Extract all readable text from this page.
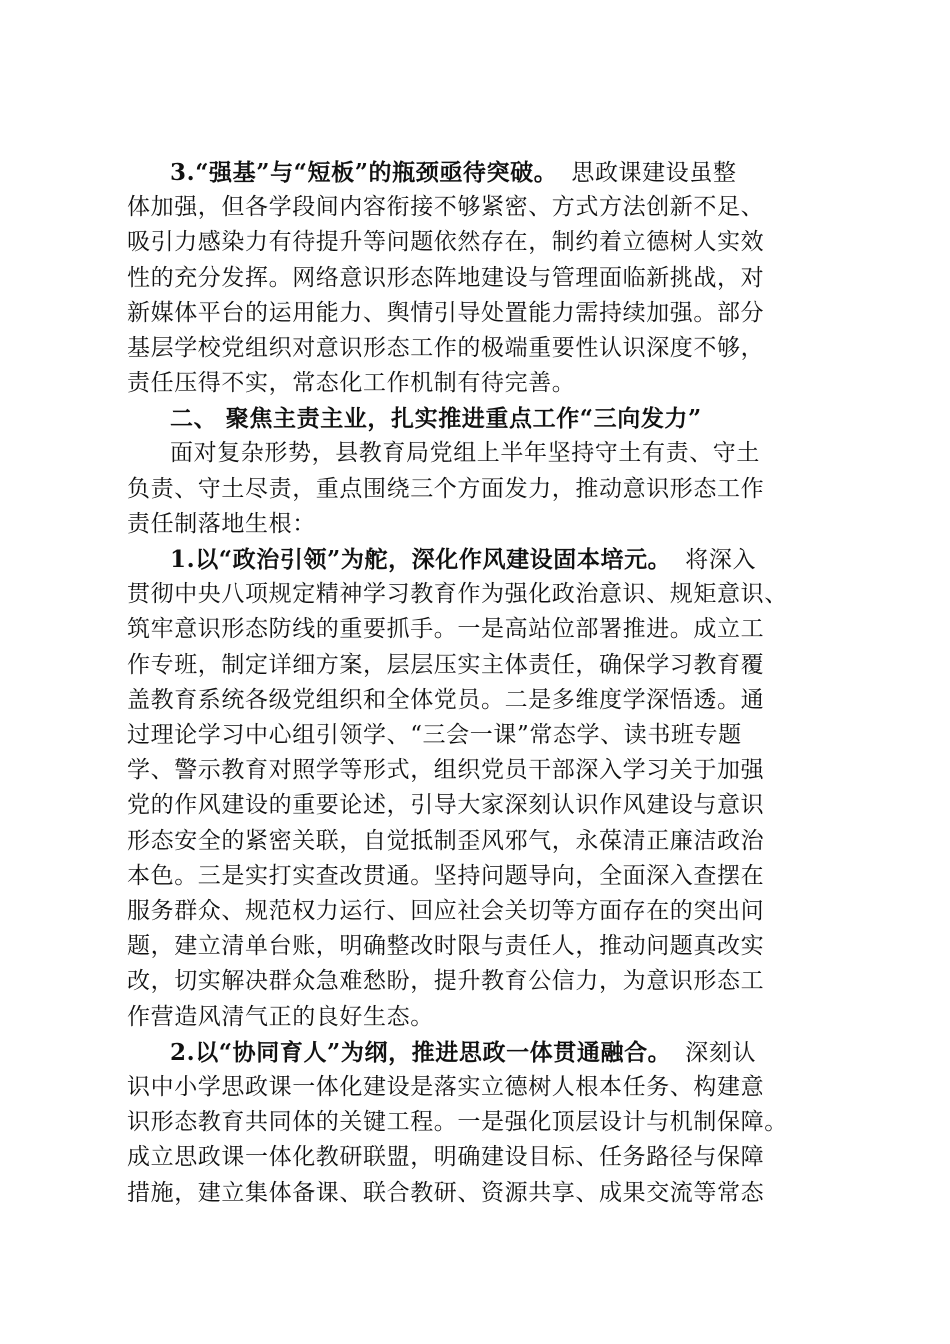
3.“强基”与“短板”的瓶颈亟待突破。 思政课建设虽整
体加强，但各学段间内容衔接不够紧密、方式方法创新不足、
吸引力感染力有待提升等问题依然存在，制约着立德树人实效
性的充分发挥。网络意识形态阵地建设与管理面临新挑战，对
新媒体平台的运用能力、舆情引导处置能力需持续加强。部分
基层学校党组织对意识形态工作的极端重要性认识深度不够，
责任压得不实，常态化工作机制有待完善。
二、 聚焦主责主业，扎实推进重点工作“三向发力”
面对复杂形势，县教育局党组上半年坚持守土有责、守土
负责、守土尽责，重点围绕三个方面发力，推动意识形态工作
责任制落地生根：
1.以“政治引领”为舵，深化作风建设固本培元。 将深入
贯彻中央八项规定精神学习教育作为强化政治意识、规矩意识、
筑牢意识形态防线的重要抓手。一是高站位部署推进。成立工
作专班，制定详细方案，层层压实主体责任，确保学习教育覆
盖教育系统各级党组织和全体党员。二是多维度学深悟透。通
过理论学习中心组引领学、“三会一课”常态学、读书班专题
学、警示教育对照学等形式，组织党员干部深入学习关于加强
党的作风建设的重要论述，引导大家深刻认识作风建设与意识
形态安全的紧密关联，自觉抵制歪风邪气，永葆清正廉洁政治
本色。三是实打实查改贯通。坚持问题导向，全面深入查摆在
服务群众、规范权力运行、回应社会关切等方面存在的突出问
题，建立清单台账，明确整改时限与责任人，推动问题真改实
改，切实解决群众急难愁盼，提升教育公信力，为意识形态工
作营造风清气正的良好生态。
2.以“协同育人”为纲，推进思政一体贯通融合。 深刻认
识中小学思政课一体化建设是落实立德树人根本任务、构建意
识形态教育共同体的关键工程。一是强化顶层设计与机制保障。
成立思政课一体化教研联盟，明确建设目标、任务路径与保障
措施，建立集体备课、联合教研、资源共享、成果交流等常态
